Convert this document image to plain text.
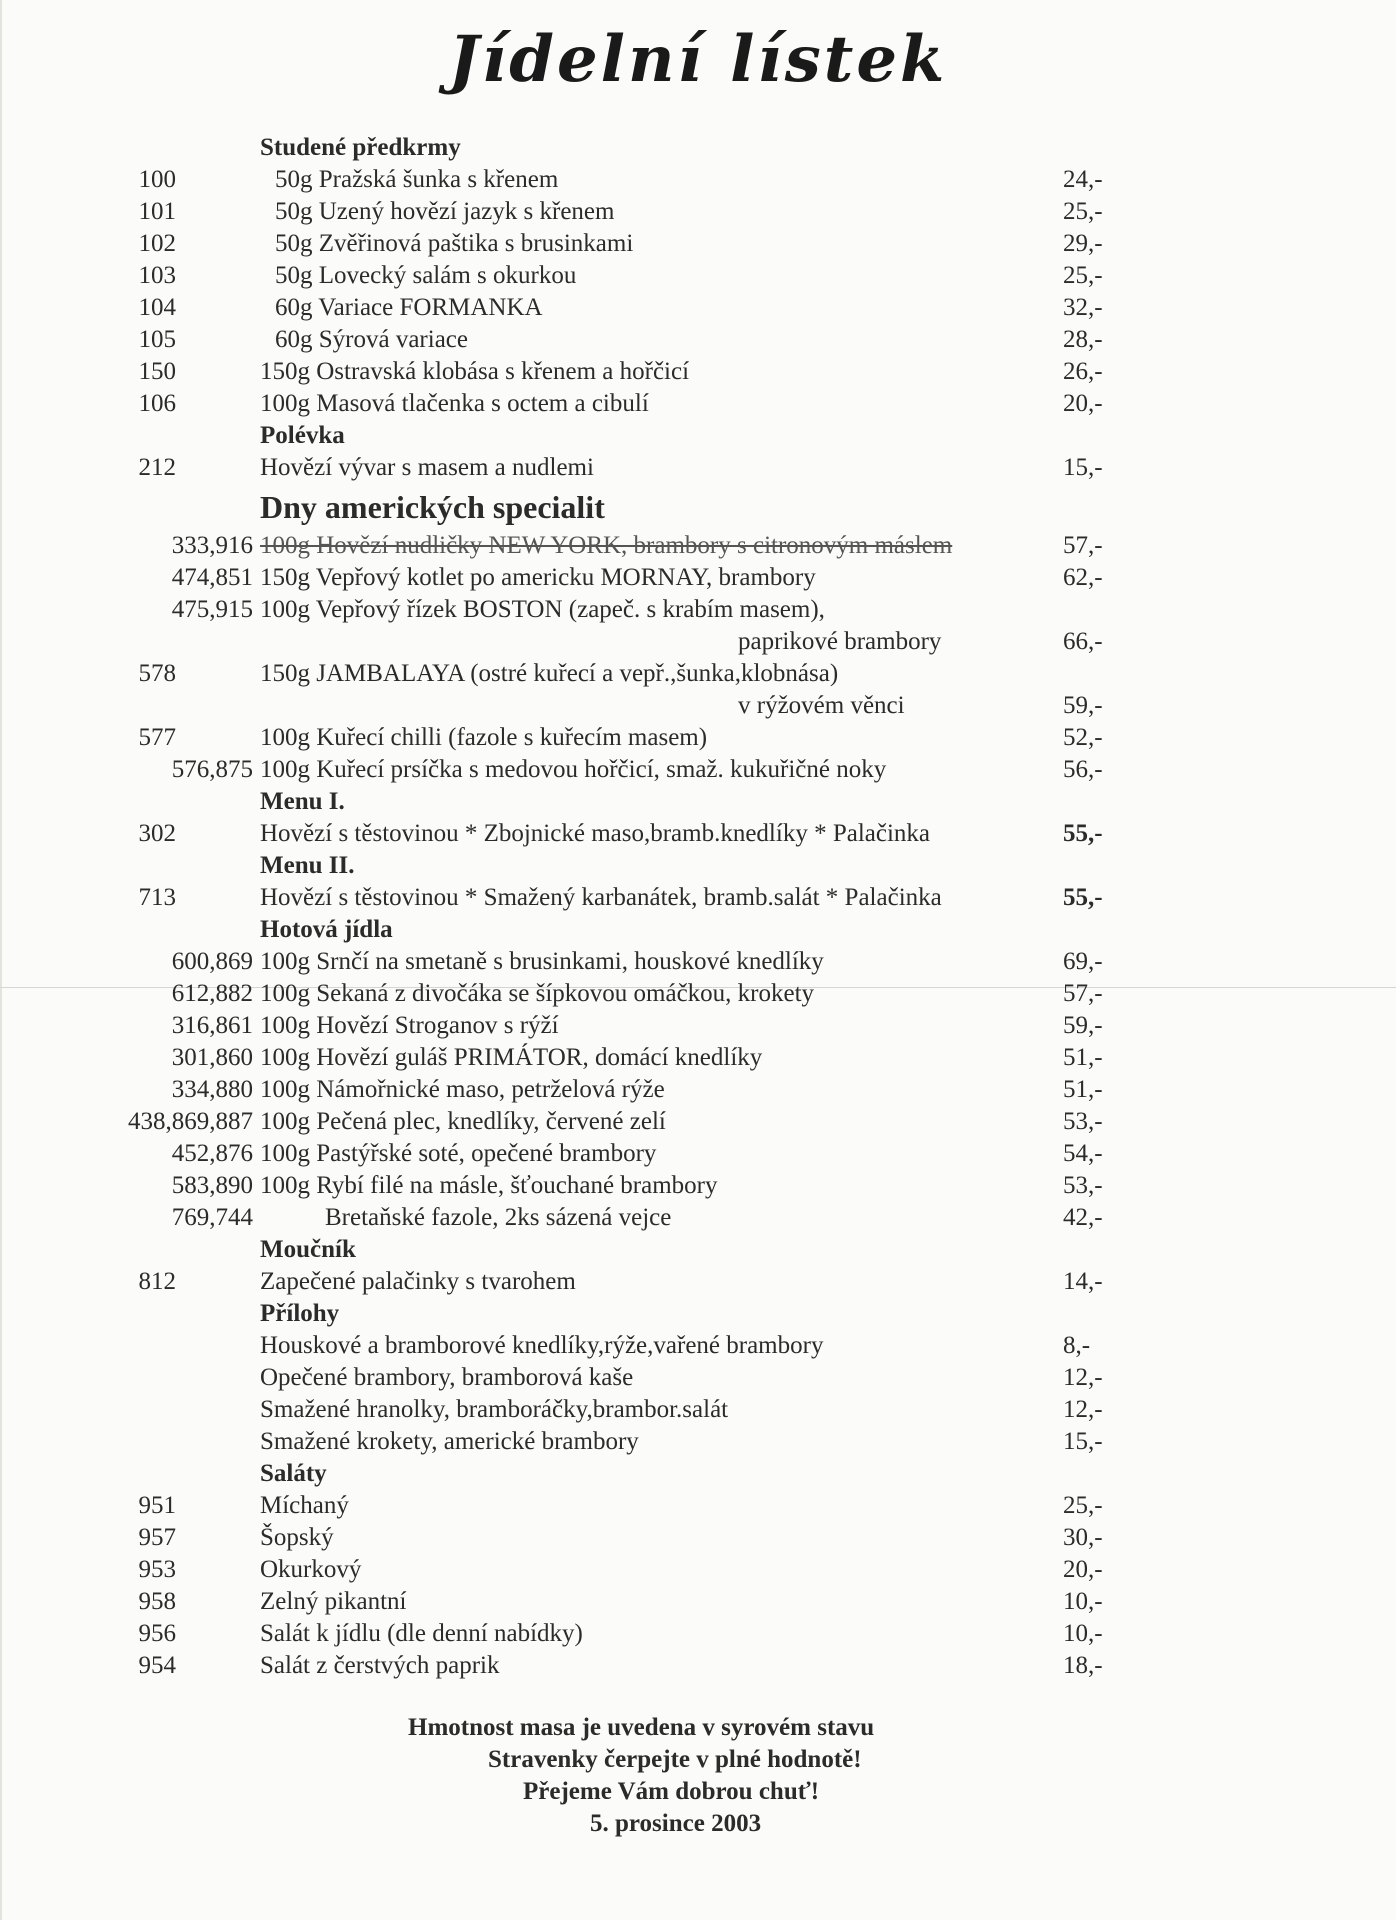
Jídelní lístek
Studené předkrmy
100	50g Pražská šunka s křenem	24,-
101	50g Uzený hovězí jazyk s křenem	25,-
102	50g Zvěřinová paštika s brusinkami	29,-
103	50g Lovecký salám s okurkou	25,-
104	60g Variace FORMANKA	32,-
105	60g Sýrová variace	28,-
150	150g Ostravská klobása s křenem a hořčicí	26,-
106	100g Masová tlačenka s octem a cibulí	20,-
Polévka
212	Hovězí vývar s masem a nudlemi	15,-
Dny amerických specialit
333,916 100g Hovězí nudličky NEW YORK, brambory s citronovým máslem	57,-
474,851 150g Vepřový kotlet po americku MORNAY, brambory	62,-
475,915 100g Vepřový řízek BOSTON (zapeč. s krabím masem),
paprikové brambory	66,-
578	150g JAMBALAYA (ostré kuřecí a vepř.,šunka,klobnása)
v rýžovém věnci	59,-
577	100g Kuřecí chilli (fazole s kuřecím masem)	52,-
576,875 100g Kuřecí prsíčka s medovou hořčicí, smaž. kukuřičné noky	56,-
Menu I.
302	Hovězí s těstovinou * Zbojnické maso,bramb.knedlíky * Palačinka	55,-
Menu II.
713	Hovězí s těstovinou * Smažený karbanátek, bramb.salát * Palačinka	55,-
Hotová jídla
600,869 100g Srnčí na smetaně s brusinkami, houskové knedlíky	69,-
612,882 100g Sekaná z divočáka se šípkovou omáčkou, krokety	57,-
316,861 100g Hovězí Stroganov s rýží	59,-
301,860 100g Hovězí guláš PRIMÁTOR, domácí knedlíky	51,-
334,880 100g Námořnické maso, petrželová rýže	51,-
438,869,887 100g Pečená plec, knedlíky, červené zelí	53,-
452,876 100g Pastýřské soté, opečené brambory	54,-
583,890 100g Rybí filé na másle, šťouchané brambory	53,-
769,744	Bretaňské fazole, 2ks sázená vejce	42,-
Moučník
812	Zapečené palačinky s tvarohem	14,-
Přílohy
Houskové a bramborové knedlíky,rýže,vařené brambory	8,-
Opečené brambory, bramborová kaše	12,-
Smažené hranolky, bramboráčky,brambor.salát	12,-
Smažené krokety, americké brambory	15,-
Saláty
951	Míchaný	25,-
957	Šopský	30,-
953	Okurkový	20,-
958	Zelný pikantní	10,-
956	Salát k jídlu (dle denní nabídky)	10,-
954	Salát z čerstvých paprik	18,-
Hmotnost masa je uvedena v syrovém stavu
Stravenky čerpejte v plné hodnotě!
Přejeme Vám dobrou chuť!
5. prosince 2003
